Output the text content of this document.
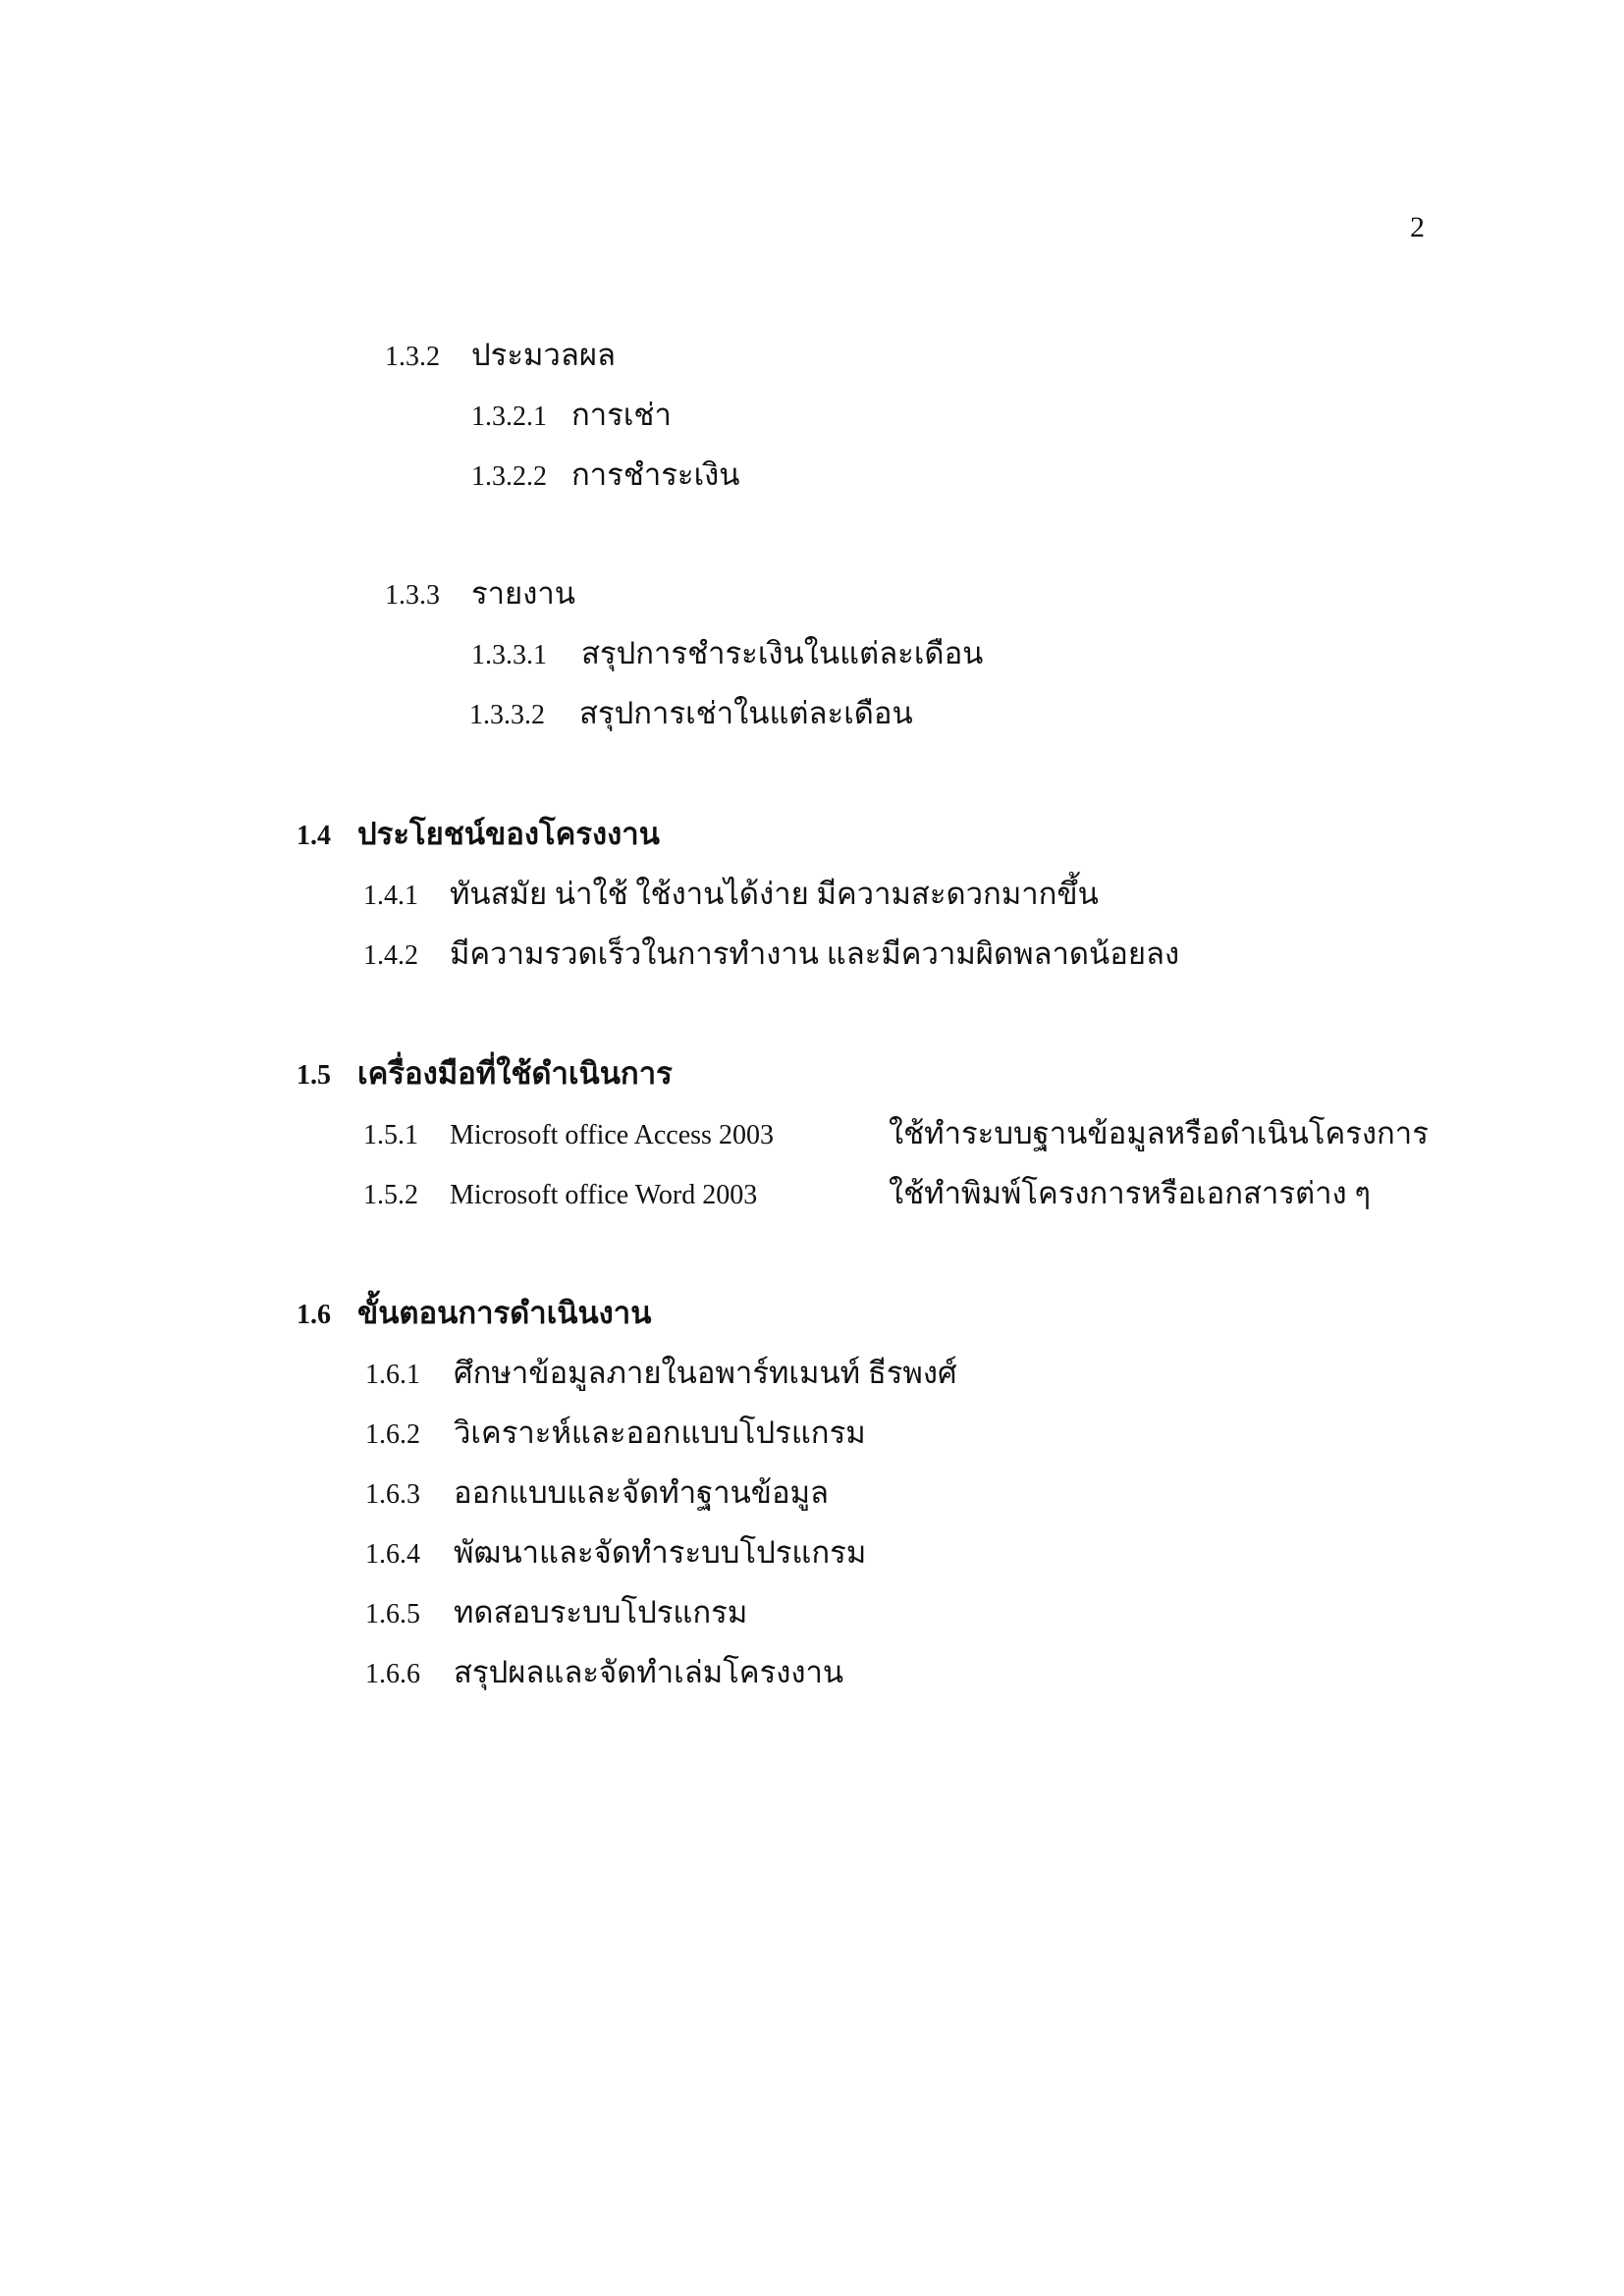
2
1.3.2 ประมวลผล
1.3.2.1 การเช่า
1.3.2.2 การชำระเงิน
1.3.3 รายงาน
1.3.3.1 สรุปการชำระเงินในแต่ละเดือน
1.3.3.2 สรุปการเช่าในแต่ละเดือน
1.4 ประโยชน์ของโครงงาน
1.4.1 ทันสมัย น่าใช้ ใช้งานได้ง่าย มีความสะดวกมากขึ้น
1.4.2 มีความรวดเร็วในการทำงาน และมีความผิดพลาดน้อยลง
1.5 เครื่องมือที่ใช้ดำเนินการ
1.5.1 Microsoft office Access 2003	ใช้ทำระบบฐานข้อมูลหรือดำเนินโครงการ
1.5.2 Microsoft office Word 2003	ใช้ทำพิมพ์โครงการหรือเอกสารต่าง ๆ
1.6 ขั้นตอนการดำเนินงาน
1.6.1 ศึกษาข้อมูลภายในอพาร์ทเมนท์ ธีรพงศ์
1.6.2 วิเคราะห์และออกแบบโปรแกรม
1.6.3 ออกแบบและจัดทำฐานข้อมูล
1.6.4 พัฒนาและจัดทำระบบโปรแกรม
1.6.5 ทดสอบระบบโปรแกรม
1.6.6 สรุปผลและจัดทำเล่มโครงงาน
